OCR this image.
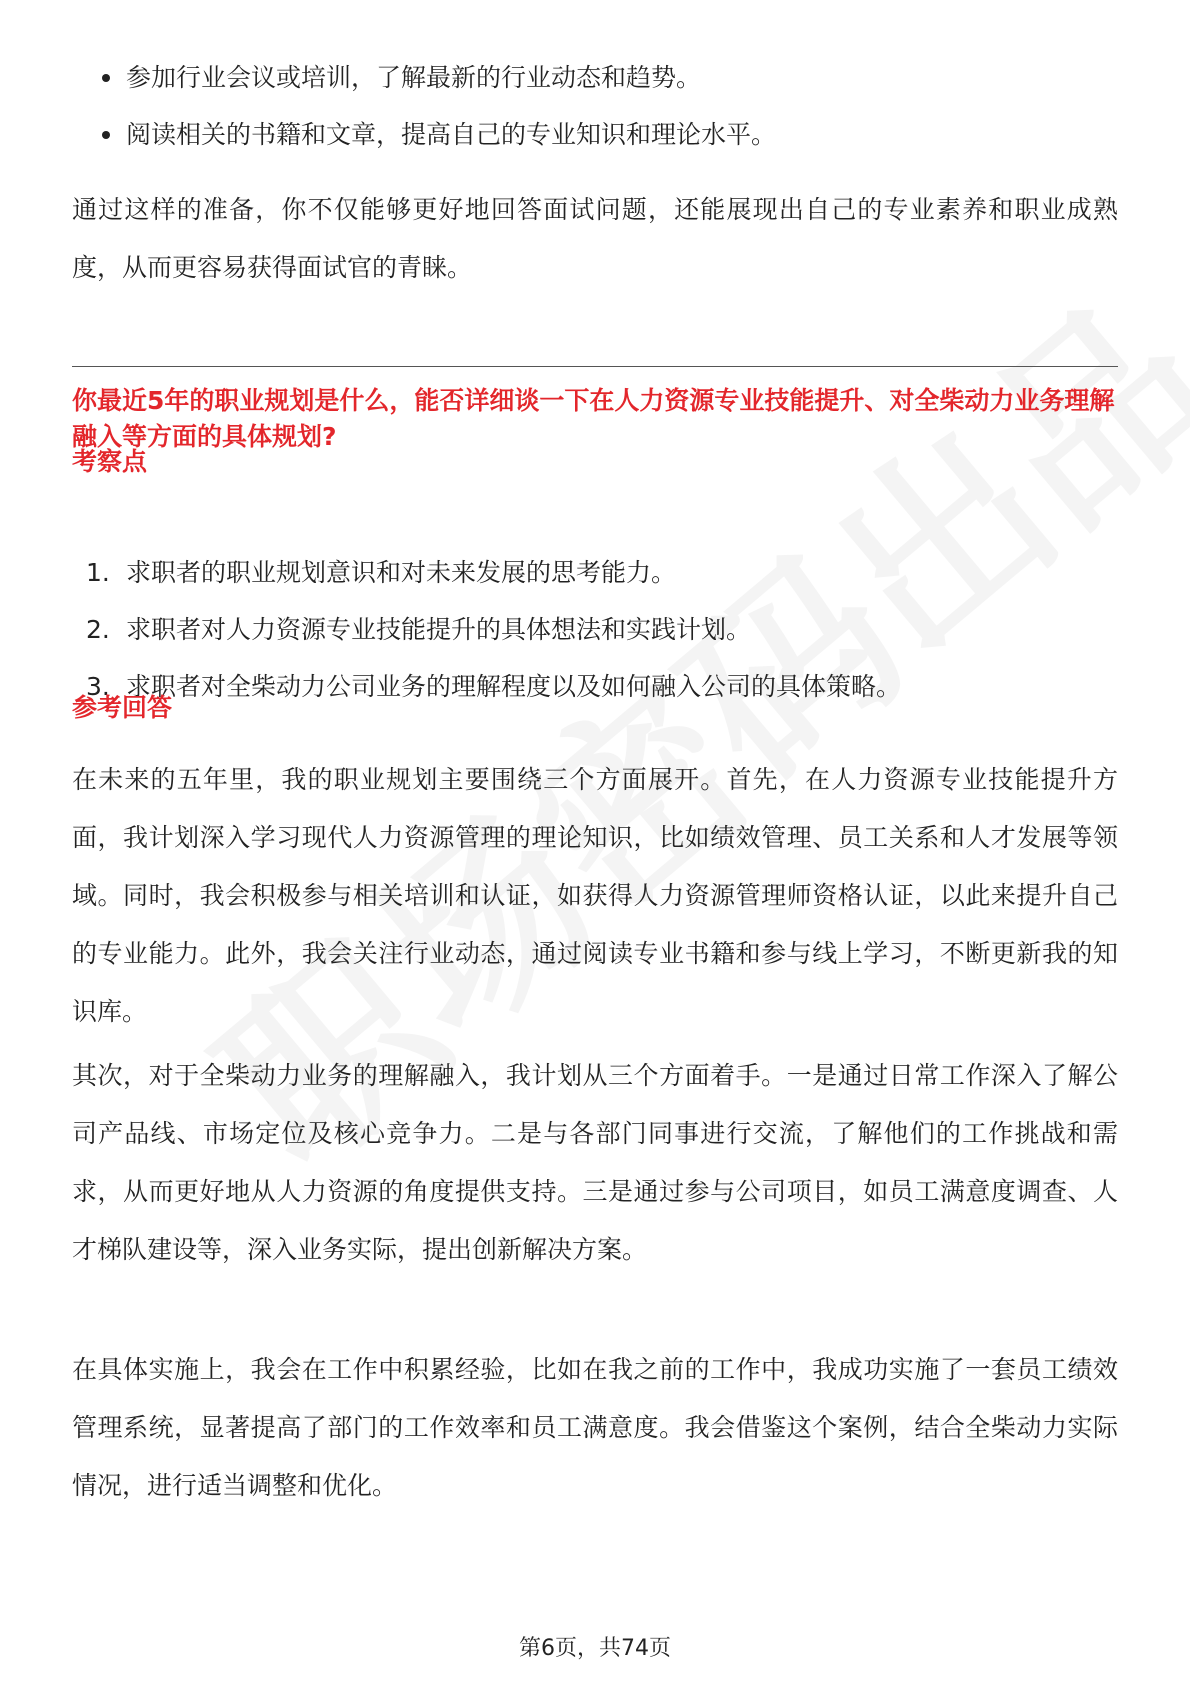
参加行业会议或培训，了解最新的行业动态和趋势。
阅读相关的书籍和文章，提高自己的专业知识和理论水平。

通过这样的准备，你不仅能够更好地回答面试问题，还能展现出自己的专业素养和职业成熟度，从而更容易获得面试官的青睐。

你最近5年的职业规划是什么，能否详细谈一下在人力资源专业技能提升、对全柴动力业务理解融入等方面的具体规划?
考察点
1. 求职者的职业规划意识和对未来发展的思考能力。
2. 求职者对人力资源专业技能提升的具体想法和实践计划。
3. 求职者对全柴动力公司业务的理解程度以及如何融入公司的具体策略。
参考回答

在未来的五年里，我的职业规划主要围绕三个方面展开。首先，在人力资源专业技能提升方面，我计划深入学习现代人力资源管理的理论知识，比如绩效管理、员工关系和人才发展等领域。同时，我会积极参与相关培训和认证，如获得人力资源管理师资格认证，以此来提升自己的专业能力。此外，我会关注行业动态，通过阅读专业书籍和参与线上学习，不断更新我的知识库。

其次，对于全柴动力业务的理解融入，我计划从三个方面着手。一是通过日常工作深入了解公司产品线、市场定位及核心竞争力。二是与各部门同事进行交流，了解他们的工作挑战和需求，从而更好地从人力资源的角度提供支持。三是通过参与公司项目，如员工满意度调查、人才梯队建设等，深入业务实际，提出创新解决方案。

在具体实施上，我会在工作中积累经验，比如在我之前的工作中，我成功实施了一套员工绩效管理系统，显著提高了部门的工作效率和员工满意度。我会借鉴这个案例，结合全柴动力实际情况，进行适当调整和优化。

第6页，共74页
